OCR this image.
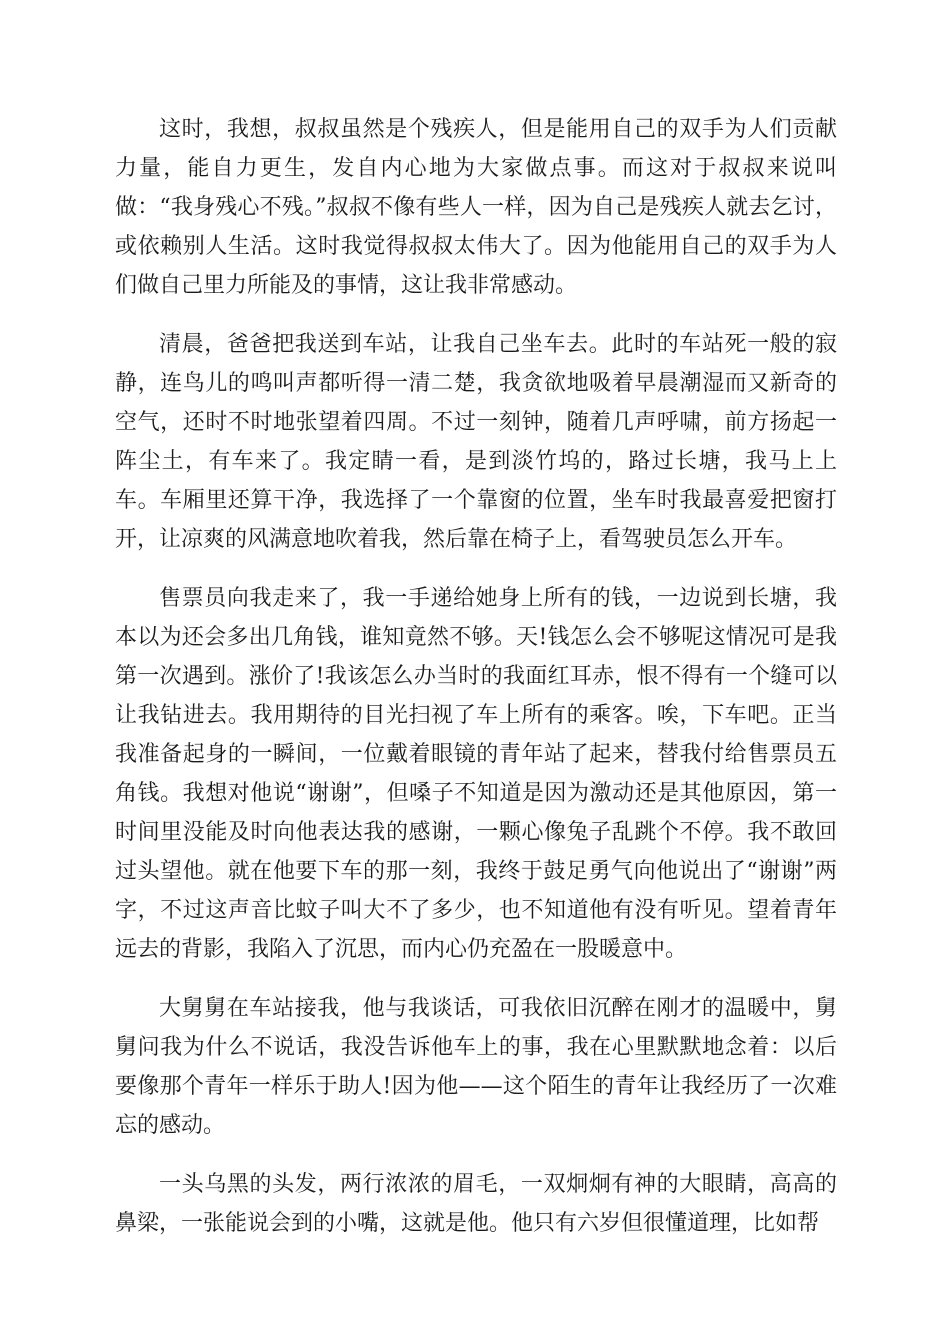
这时，我想，叔叔虽然是个残疾人，但是能用自己的双手为人们贡献力量，能自力更生，发自内心地为大家做点事。而这对于叔叔来说叫做：“我身残心不残。”叔叔不像有些人一样，因为自己是残疾人就去乞讨，或依赖别人生活。这时我觉得叔叔太伟大了。因为他能用自己的双手为人们做自己里力所能及的事情，这让我非常感动。

清晨，爸爸把我送到车站，让我自己坐车去。此时的车站死一般的寂静，连鸟儿的鸣叫声都听得一清二楚，我贪欲地吸着早晨潮湿而又新奇的空气，还时不时地张望着四周。不过一刻钟，随着几声呼啸，前方扬起一阵尘土，有车来了。我定睛一看，是到淡竹坞的，路过长塘，我马上上车。车厢里还算干净，我选择了一个靠窗的位置，坐车时我最喜爱把窗打开，让凉爽的风满意地吹着我，然后靠在椅子上，看驾驶员怎么开车。

售票员向我走来了，我一手递给她身上所有的钱，一边说到长塘，我本以为还会多出几角钱，谁知竟然不够。天!钱怎么会不够呢这情况可是我第一次遇到。涨价了!我该怎么办当时的我面红耳赤，恨不得有一个缝可以让我钻进去。我用期待的目光扫视了车上所有的乘客。唉，下车吧。正当我准备起身的一瞬间，一位戴着眼镜的青年站了起来，替我付给售票员五角钱。我想对他说“谢谢”，但嗓子不知道是因为激动还是其他原因，第一时间里没能及时向他表达我的感谢，一颗心像兔子乱跳个不停。我不敢回过头望他。就在他要下车的那一刻，我终于鼓足勇气向他说出了“谢谢”两字，不过这声音比蚊子叫大不了多少，也不知道他有没有听见。望着青年远去的背影，我陷入了沉思，而内心仍充盈在一股暖意中。

大舅舅在车站接我，他与我谈话，可我依旧沉醉在刚才的温暖中，舅舅问我为什么不说话，我没告诉他车上的事，我在心里默默地念着：以后要像那个青年一样乐于助人!因为他——这个陌生的青年让我经历了一次难忘的感动。

一头乌黑的头发，两行浓浓的眉毛，一双炯炯有神的大眼睛，高高的鼻梁，一张能说会到的小嘴，这就是他。他只有六岁但很懂道理，比如帮
